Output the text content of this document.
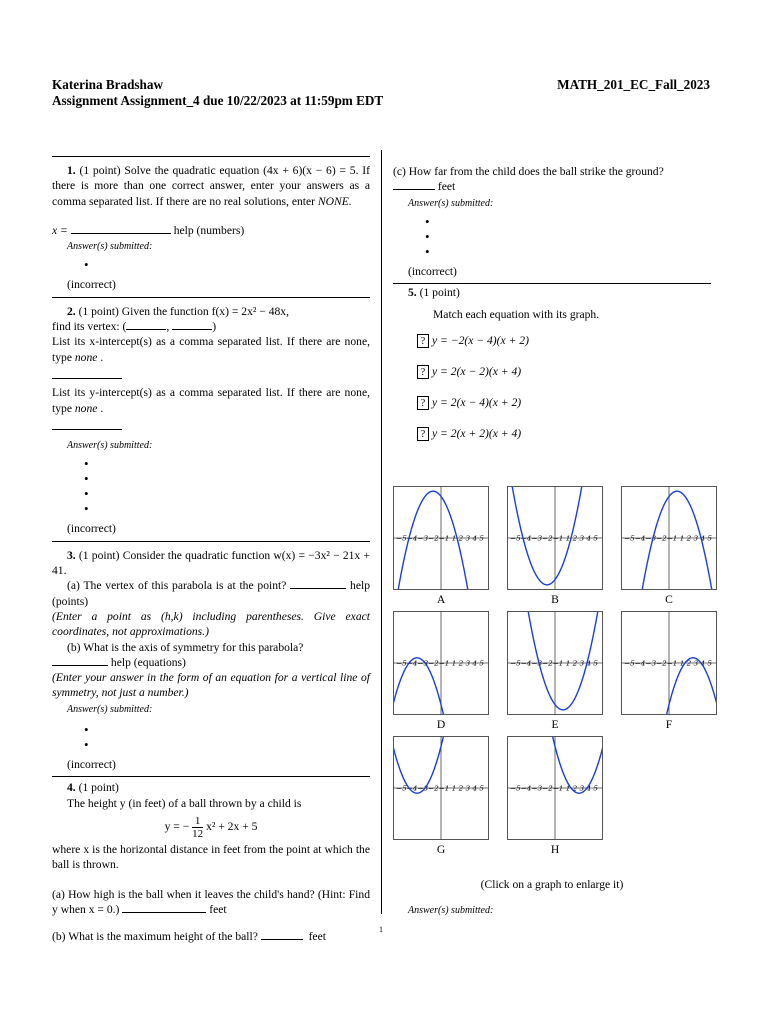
Katerina Bradshaw
Assignment Assignment_4 due 10/22/2023 at 11:59pm EDT
MATH_201_EC_Fall_2023
1. (1 point) Solve the quadratic equation (4x + 6)(x − 6) = 5. If there is more than one correct answer, enter your answers as a comma separated list. If there are no real solutions, enter NONE.
x =	help (numbers)
Answer(s) submitted:
•
(incorrect)
2. (1 point) Given the function f(x) = 2x² − 48x,
find its vertex: (	,	)
List its x-intercept(s) as a comma separated list. If there are none, type none .
List its y-intercept(s) as a comma separated list. If there are none, type none .
Answer(s) submitted:
•
•
•
•
(incorrect)
3. (1 point) Consider the quadratic function w(x) = −3x² − 21x + 41.
(a) The vertex of this parabola is at the point?	help (points)
(Enter a point as (h,k) including parentheses. Give exact coordinates, not approximations.)
(b) What is the axis of symmetry for this parabola?
help (equations)
(Enter your answer in the form of an equation for a vertical line of symmetry, not just a number.)
Answer(s) submitted:
•
•
(incorrect)
4. (1 point)
The height y (in feet) of a ball thrown by a child is
y = − $\frac{1}{12} x^2 + 2x + 5$
where x is the horizontal distance in feet from the point at which the ball is thrown.
(a) How high is the ball when it leaves the child's hand? (Hint: Find y when x = 0.)	feet
(b) What is the maximum height of the ball?	feet
(c) How far from the child does the ball strike the ground?
feet
Answer(s) submitted:
•
•
•
(incorrect)
5. (1 point)
Match each equation with its graph.
? y = −2(x − 4)(x + 2)
? y = 2(x − 2)(x + 4)
? y = 2(x − 4)(x + 2)
? y = 2(x + 2)(x + 4)
−5−4−3−2−1 1 2 3 4 5
A
−5−4−3−2−1 1 2 3 4 5
B
−5−4−3−2−1 1 2 3 4 5
C
−5−4−3−2−1 1 2 3 4 5
D
−5−4−3−2−1 1 2 3 4 5
E
−5−4−3−2−1 1 2 3 4 5
F
−5−4−3−2−1 1 2 3 4 5
G
−5−4−3−2−1 1 2 3 4 5
H
(Click on a graph to enlarge it)
Answer(s) submitted:
1
